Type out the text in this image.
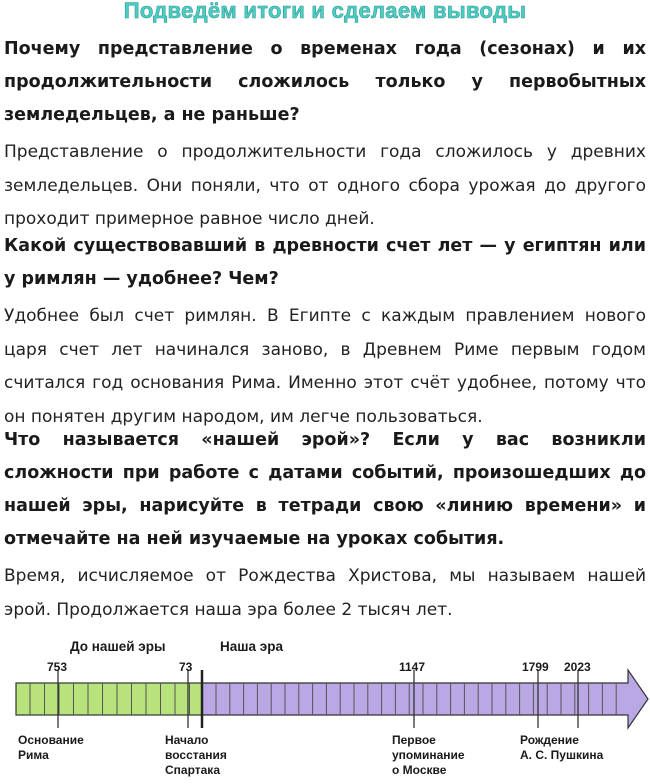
Подведём итоги и сделаем выводы

Почему представление о временах года (сезонах) и их продолжительности сложилось только у первобытных земледельцев, а не раньше?

Представление о продолжительности года сложилось у древних земледельцев. Они поняли, что от одного сбора урожая до другого проходит примерное равное число дней.

Какой существовавший в древности счет лет — у египтян или у римлян — удобнее? Чем?

Удобнее был счет римлян. В Египте с каждым правлением нового царя счет лет начинался заново, в Древнем Риме первым годом считался год основания Рима. Именно этот счёт удобнее, потому что он понятен другим народом, им легче пользоваться.

Что называется «нашей эрой»? Если у вас возникли сложности при работе с датами событий, произошедших до нашей эры, нарисуйте в тетради свою «линию времени» и отмечайте на ней изучаемые на уроках события.

Время, исчисляемое от Рождества Христова, мы называем нашей эрой. Продолжается наша эра более 2 тысяч лет.

До нашей эры	Наша эра
753	73	1147	1799 2023
Основание
Рима
Начало
восстания
Спартака
Первое
упоминание
о Москве
Рождение
А. С. Пушкина
